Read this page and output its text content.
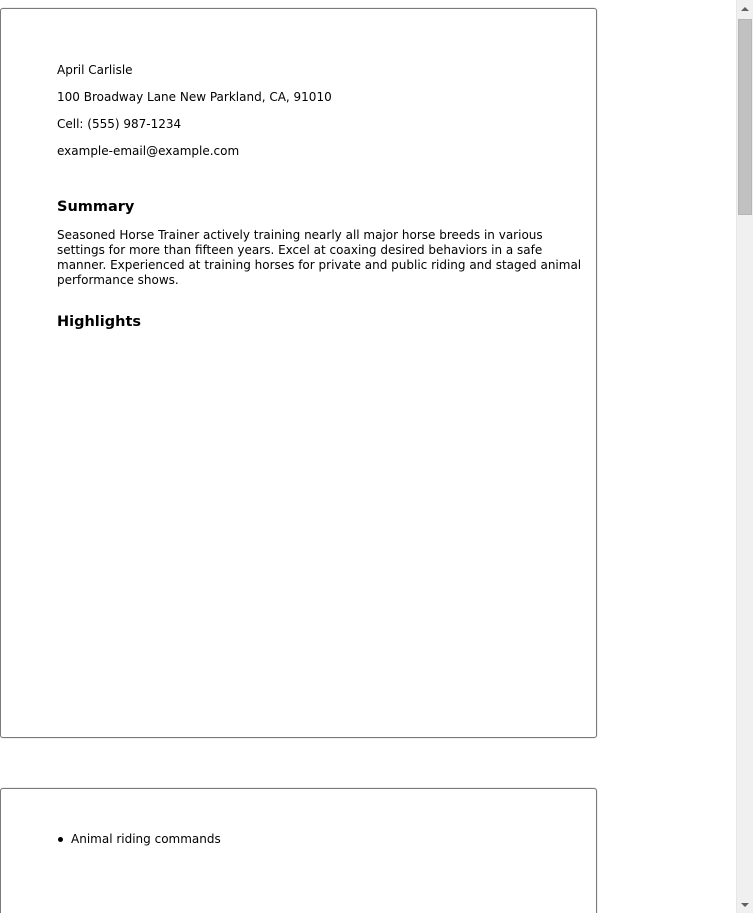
April Carlisle

100 Broadway Lane New Parkland, CA, 91010

Cell: (555) 987-1234

example-email@example.com

Summary

Seasoned Horse Trainer actively training nearly all major horse breeds in various settings for more than fifteen years. Excel at coaxing desired behaviors in a safe manner. Experienced at training horses for private and public riding and staged animal performance shows.

Highlights
Animal riding commands
